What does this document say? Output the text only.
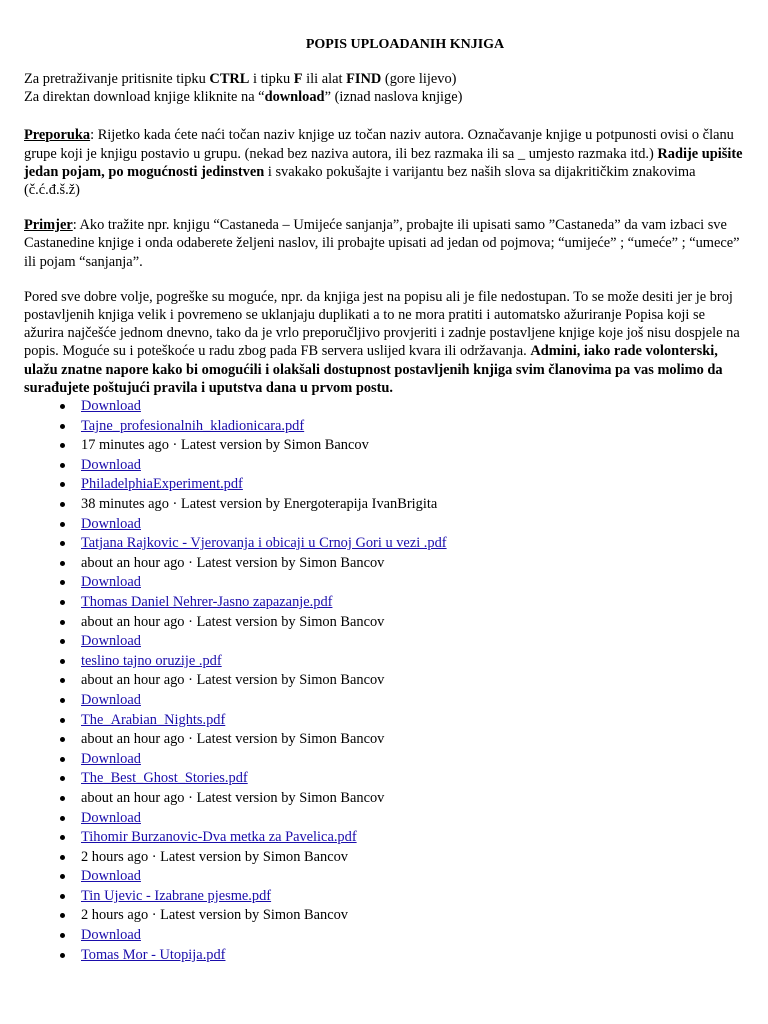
POPIS UPLOADANIH KNJIGA

Za pretraživanje pritisnite tipku CTRL i tipku F ili alat FIND (gore lijevo)

Za direktan download knjige kliknite na “download” (iznad naslova knjige)

Preporuka: Rijetko kada ćete naći točan naziv knjige uz točan naziv autora. Označavanje knjige u potpunosti ovisi o članu grupe koji je knjigu postavio u grupu. (nekad bez naziva autora, ili bez razmaka ili sa _ umjesto razmaka itd.) Radije upišite jedan pojam, po mogućnosti jedinstven i svakako pokušajte i varijantu bez naših slova sa dijakritičkim znakovima (č.ć.đ.š.ž)

Primjer: Ako tražite npr. knjigu “Castaneda – Umijeće sanjanja”, probajte ili upisati samo ”Castaneda” da vam izbaci sve Castanedine knjige i onda odaberete željeni naslov, ili probajte upisati ad jedan od pojmova; “umijeće” ; “umeće” ; “umece” ili pojam “sanjanja”.

Pored sve dobre volje, pogreške su moguće, npr. da knjiga jest na popisu ali je file nedostupan. To se može desiti jer je broj postavljenih knjiga velik i povremeno se uklanjaju duplikati a to ne mora pratiti i automatsko ažuriranje Popisa koji se ažurira najčešće jednom dnevno, tako da je vrlo preporučljivo provjeriti i zadnje postavljene knjige koje još nisu dospjele na popis. Moguće su i poteškoće u radu zbog pada FB servera uslijed kvara ili održavanja. Admini, iako rade volonterski, ulažu znatne napore kako bi omogućili i olakšali dostupnost postavljenih knjiga svim članovima pa vas molimo da surađujete poštujući pravila i uputstva dana u prvom postu.

Download
Tajne_profesionalnih_kladionicara.pdf
17 minutes ago · Latest version by Simon Bancov
Download
PhiladelphiaExperiment.pdf
38 minutes ago · Latest version by Energoterapija IvanBrigita
Download
Tatjana Rajkovic - Vjerovanja i obicaji u Crnoj Gori u vezi .pdf
about an hour ago · Latest version by Simon Bancov
Download
Thomas Daniel Nehrer-Jasno zapazanje.pdf
about an hour ago · Latest version by Simon Bancov
Download
teslino tajno oruzije .pdf
about an hour ago · Latest version by Simon Bancov
Download
The_Arabian_Nights.pdf
about an hour ago · Latest version by Simon Bancov
Download
The_Best_Ghost_Stories.pdf
about an hour ago · Latest version by Simon Bancov
Download
Tihomir Burzanovic-Dva metka za Pavelica.pdf
2 hours ago · Latest version by Simon Bancov
Download
Tin Ujevic - Izabrane pjesme.pdf
2 hours ago · Latest version by Simon Bancov
Download
Tomas Mor - Utopija.pdf
